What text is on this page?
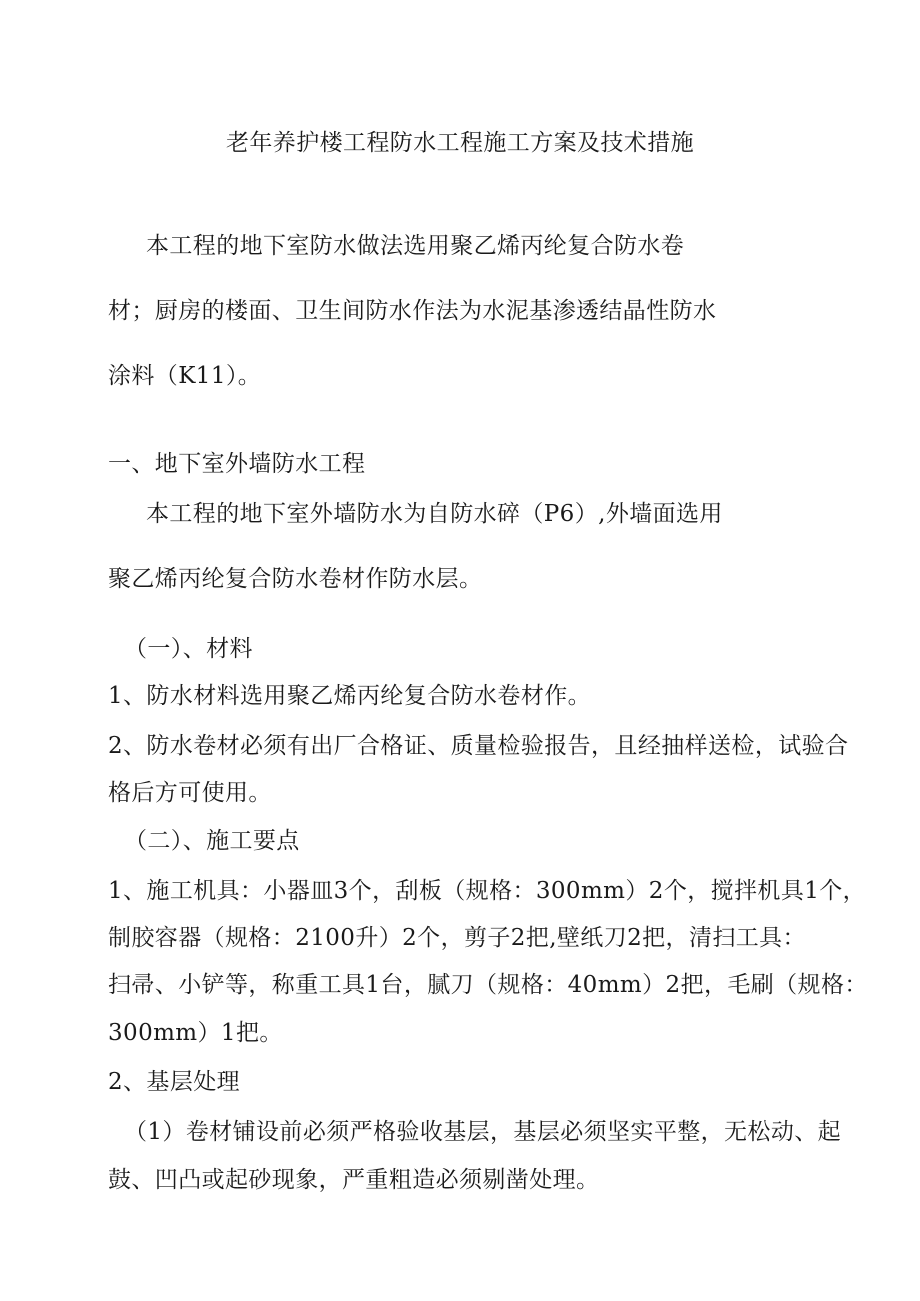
老年养护楼工程防水工程施工方案及技术措施
本工程的地下室防水做法选用聚乙烯丙纶复合防水卷
材；厨房的楼面、卫生间防水作法为水泥基渗透结晶性防水
涂料（K11）。
一、地下室外墙防水工程
本工程的地下室外墙防水为自防水碎（P6）,外墙面选用
聚乙烯丙纶复合防水卷材作防水层。
（一）、材料
1、防水材料选用聚乙烯丙纶复合防水卷材作。
2、防水卷材必须有出厂合格证、质量检验报告，且经抽样送检，试验合
格后方可使用。
（二）、施工要点
1、施工机具：小器皿3个，刮板（规格：300mm）2个，搅拌机具1个，
制胶容器（规格：2100升）2个，剪子2把,壁纸刀2把，清扫工具：
扫帚、小铲等，称重工具1台，腻刀（规格：40mm）2把，毛刷（规格：
300mm）1把。
2、基层处理
（1）卷材铺设前必须严格验收基层，基层必须坚实平整，无松动、起
鼓、凹凸或起砂现象，严重粗造必须剔凿处理。
